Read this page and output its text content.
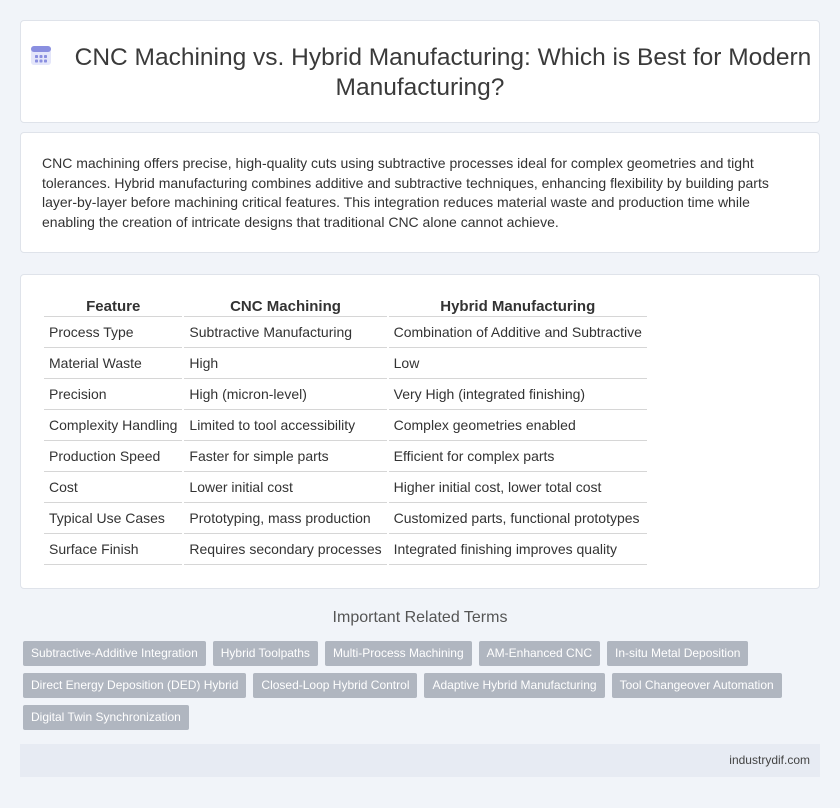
CNC Machining vs. Hybrid Manufacturing: Which is Best for Modern Manufacturing?

CNC machining offers precise, high-quality cuts using subtractive processes ideal for complex geometries and tight tolerances. Hybrid manufacturing combines additive and subtractive techniques, enhancing flexibility by building parts layer-by-layer before machining critical features. This integration reduces material waste and production time while enabling the creation of intricate designs that traditional CNC alone cannot achieve.

Feature	CNC Machining	Hybrid Manufacturing
Process Type	Subtractive Manufacturing	Combination of Additive and Subtractive
Material Waste	High	Low
Precision	High (micron-level)	Very High (integrated finishing)
Complexity Handling	Limited to tool accessibility	Complex geometries enabled
Production Speed	Faster for simple parts	Efficient for complex parts
Cost	Lower initial cost	Higher initial cost, lower total cost
Typical Use Cases	Prototyping, mass production	Customized parts, functional prototypes
Surface Finish	Requires secondary processes	Integrated finishing improves quality
Important Related Terms
Subtractive-Additive Integration	Hybrid Toolpaths	Multi-Process Machining	AM-Enhanced CNC	In-situ Metal Deposition
Direct Energy Deposition (DED) Hybrid	Closed-Loop Hybrid Control	Adaptive Hybrid Manufacturing	Tool Changeover Automation
Digital Twin Synchronization
industrydif.com
